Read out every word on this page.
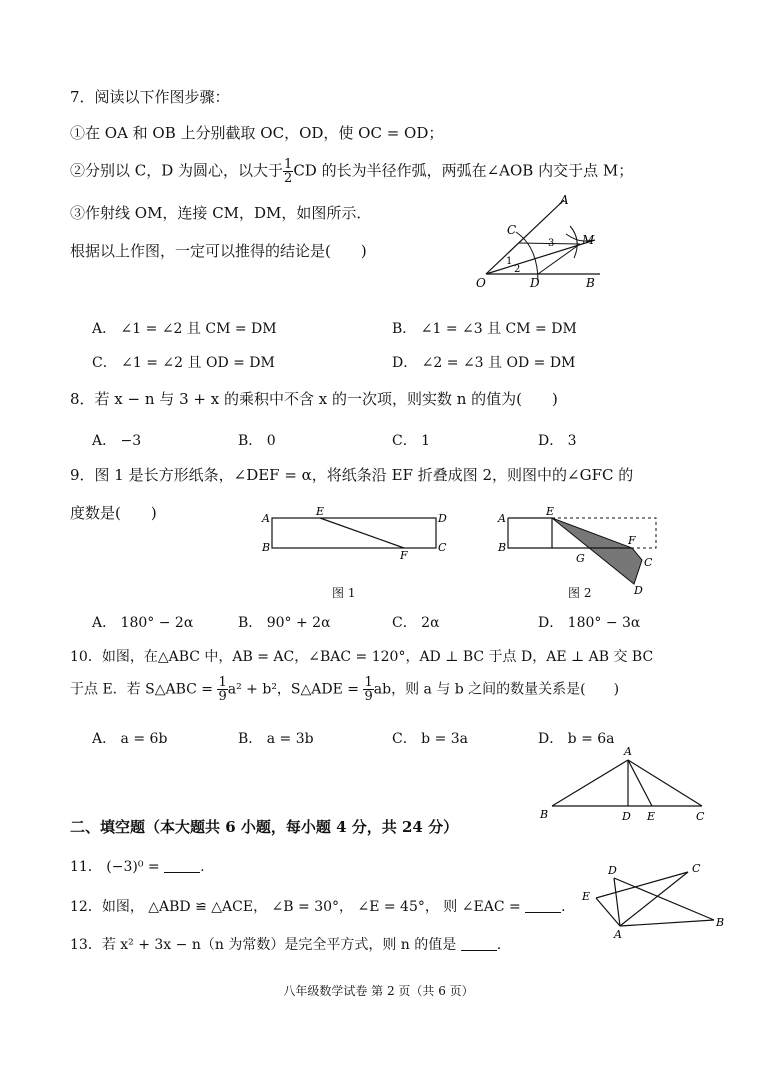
7．阅读以下作图步骤：
①在 OA 和 OB 上分别截取 OC，OD，使 OC = OD；
②分别以 C，D 为圆心，以大于 $\frac{1}{2}$ CD 的长为半径作弧，两弧在∠AOB 内交于点 M；
③作射线 OM，连接 CM，DM，如图所示．
根据以上作图，一定可以推得的结论是(　　)
A
C
M
O	D	B
1
2
3
A． ∠1 = ∠2 且 CM = DM	B． ∠1 = ∠3 且 CM = DM
C． ∠1 = ∠2 且 OD = DM	D． ∠2 = ∠3 且 OD = DM
8．若 x − n 与 3 + x 的乘积中不含 x 的一次项，则实数 n 的值为(　　)
A． −3	B． 0	C． 1	D． 3
9．图 1 是长方形纸条，∠DEF = α，将纸条沿 EF 折叠成图 2，则图中的∠GFC 的
度数是(　　)	A
B
E
D
C
F
图 1
A
B
E
F
G	C
D
图 2
A． 180° − 2α	B． 90° + 2α	C． 2α	D． 180° − 3α
10．如图，在△ABC 中，AB = AC，∠BAC = 120°，AD ⊥ BC 于点 D，AE ⊥ AB 交 BC
于点 E．若 S△ABC = $\frac{1}{9} a^2 + b^2$，S△ADE = $\frac{1}{9}$ ab，则 a 与 b 之间的数量关系是(　　)
A． a = 6b	B． a = 3b	C． b = 3a	D． b = 6a
A
B	D E	C
二、填空题（本大题共 6 小题，每小题 4 分，共 24 分）
11． (−3)⁰ =	.
12．如图， △ABD ≌ △ACE， ∠B = 30°， ∠E = 45°， 则 ∠EAC =	.
D	C
E
A
B
13．若 x² + 3x − n（n 为常数）是完全平方式，则 n 的值是	.
八年级数学试卷 第 2 页（共 6 页）
